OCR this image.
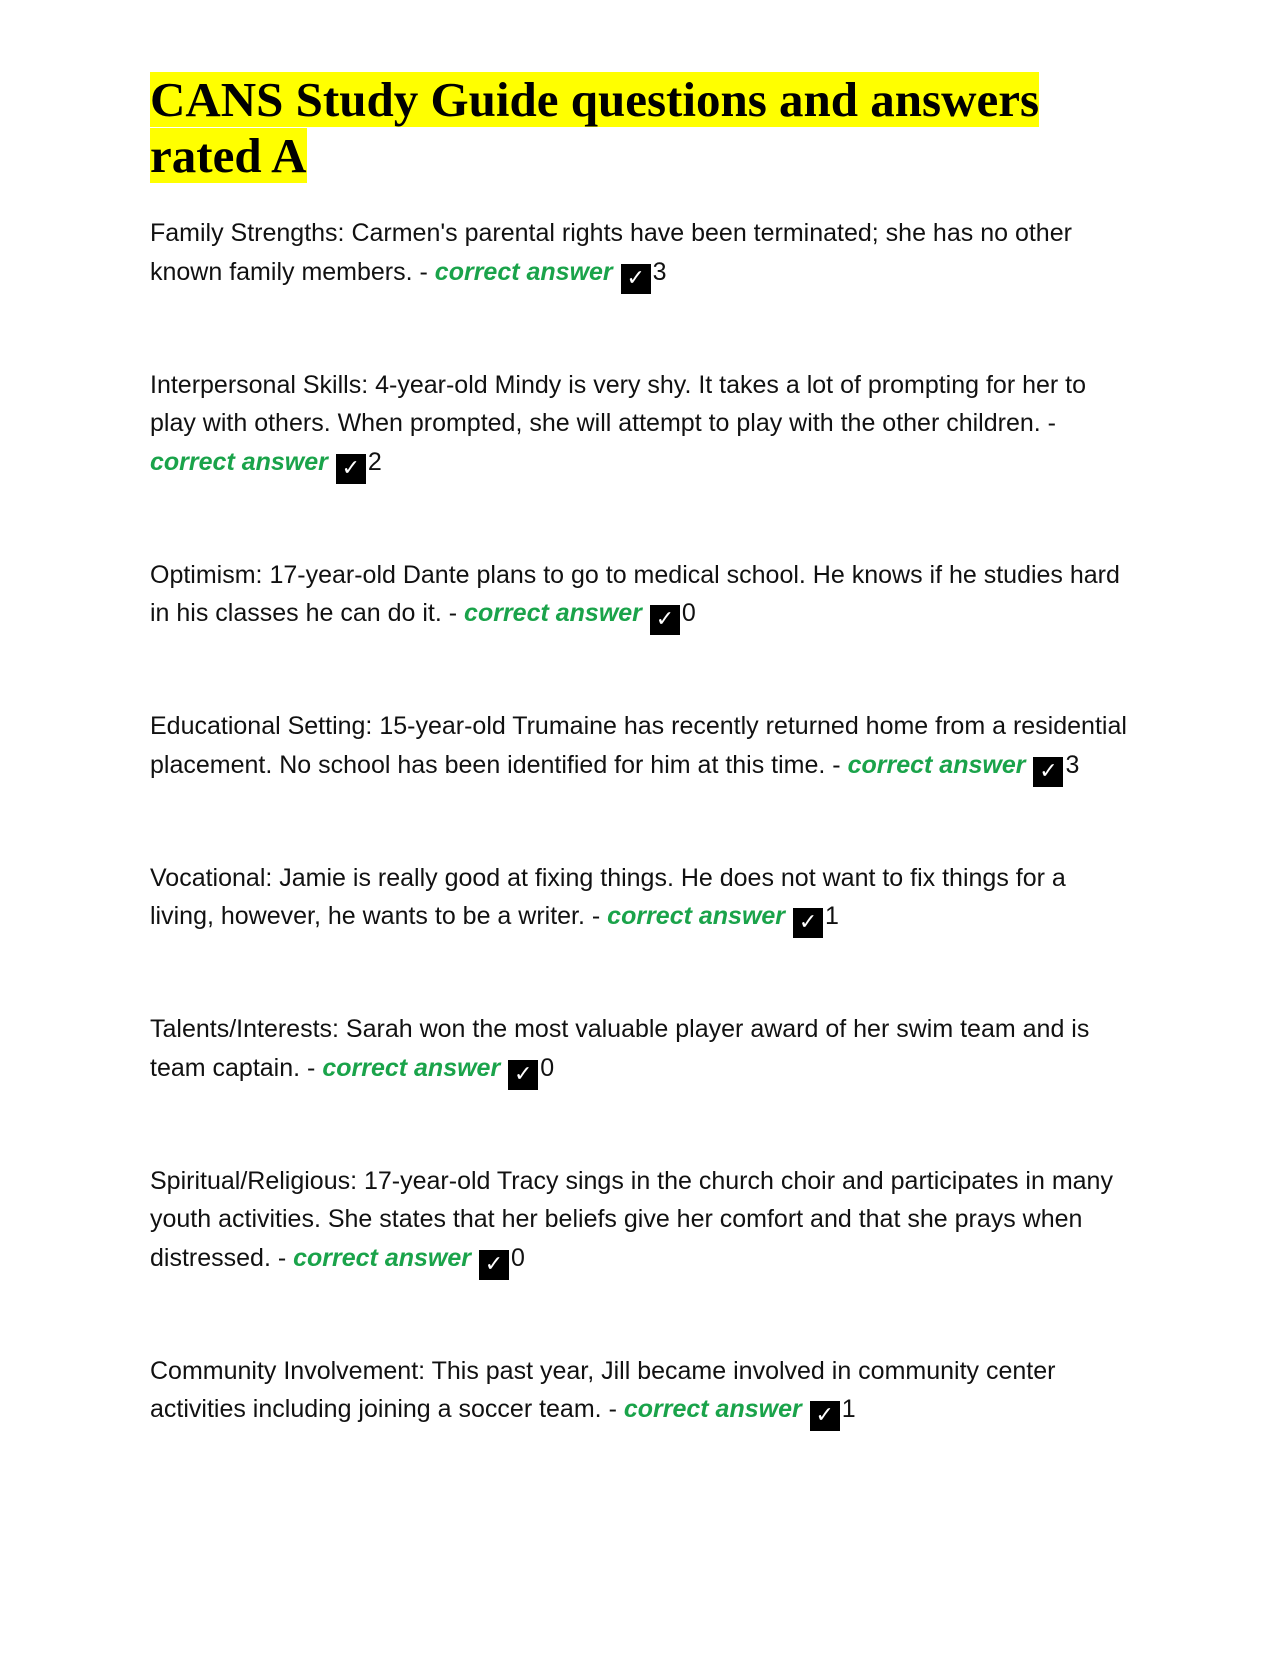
CANS Study Guide questions and answers rated A
Family Strengths: Carmen's parental rights have been terminated; she has no other known family members. - correct answer ✓ 3
Interpersonal Skills: 4-year-old Mindy is very shy. It takes a lot of prompting for her to play with others. When prompted, she will attempt to play with the other children. - correct answer ✓ 2
Optimism: 17-year-old Dante plans to go to medical school. He knows if he studies hard in his classes he can do it. - correct answer ✓ 0
Educational Setting: 15-year-old Trumaine has recently returned home from a residential placement. No school has been identified for him at this time. - correct answer ✓ 3
Vocational: Jamie is really good at fixing things. He does not want to fix things for a living, however, he wants to be a writer. - correct answer ✓ 1
Talents/Interests: Sarah won the most valuable player award of her swim team and is team captain. - correct answer ✓ 0
Spiritual/Religious: 17-year-old Tracy sings in the church choir and participates in many youth activities. She states that her beliefs give her comfort and that she prays when distressed. - correct answer ✓ 0
Community Involvement: This past year, Jill became involved in community center activities including joining a soccer team. - correct answer ✓ 1
